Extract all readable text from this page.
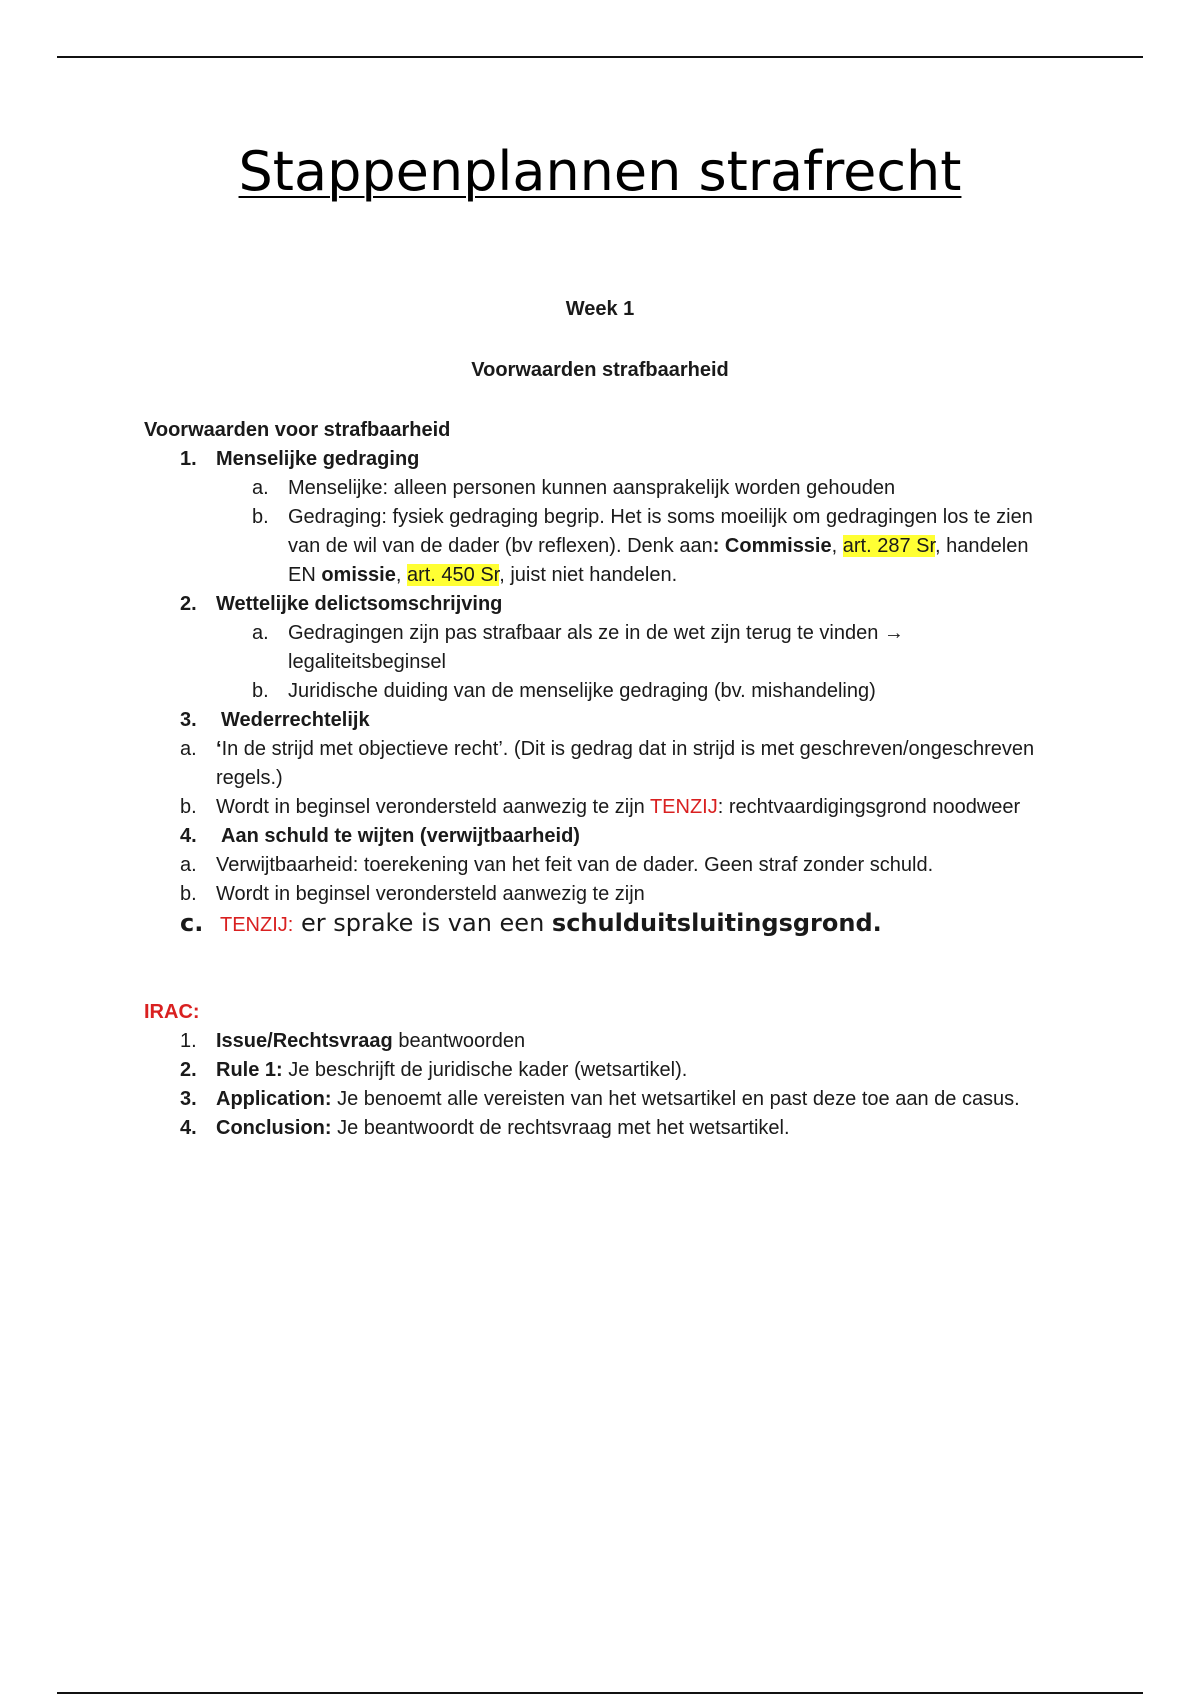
Stappenplannen strafrecht
Week 1
Voorwaarden strafbaarheid
Voorwaarden voor strafbaarheid
1. Menselijke gedraging
a. Menselijke: alleen personen kunnen aansprakelijk worden gehouden
b. Gedraging: fysiek gedraging begrip. Het is soms moeilijk om gedragingen los te zien van de wil van de dader (bv reflexen). Denk aan: Commissie, art. 287 Sr, handelen EN omissie, art. 450 Sr, juist niet handelen.
2. Wettelijke delictsomschrijving
a. Gedragingen zijn pas strafbaar als ze in de wet zijn terug te vinden → legaliteitsbeginsel
b. Juridische duiding van de menselijke gedraging (bv. mishandeling)
3.	Wederrechtelijk
a. ‘In de strijd met objectieve recht’. (Dit is gedrag dat in strijd is met geschreven/ongeschreven regels.)
b. Wordt in beginsel verondersteld aanwezig te zijn TENZIJ: rechtvaardigingsgrond noodweer
4.	Aan schuld te wijten (verwijtbaarheid)
a. Verwijtbaarheid: toerekening van het feit van de dader. Geen straf zonder schuld.
b. Wordt in beginsel verondersteld aanwezig te zijn
c. TENZIJ: er sprake is van een schulduitsluitingsgrond.
IRAC:
1. Issue/Rechtsvraag beantwoorden
2. Rule 1: Je beschrijft de juridische kader (wetsartikel).
3. Application: Je benoemt alle vereisten van het wetsartikel en past deze toe aan de casus.
4. Conclusion: Je beantwoordt de rechtsvraag met het wetsartikel.
